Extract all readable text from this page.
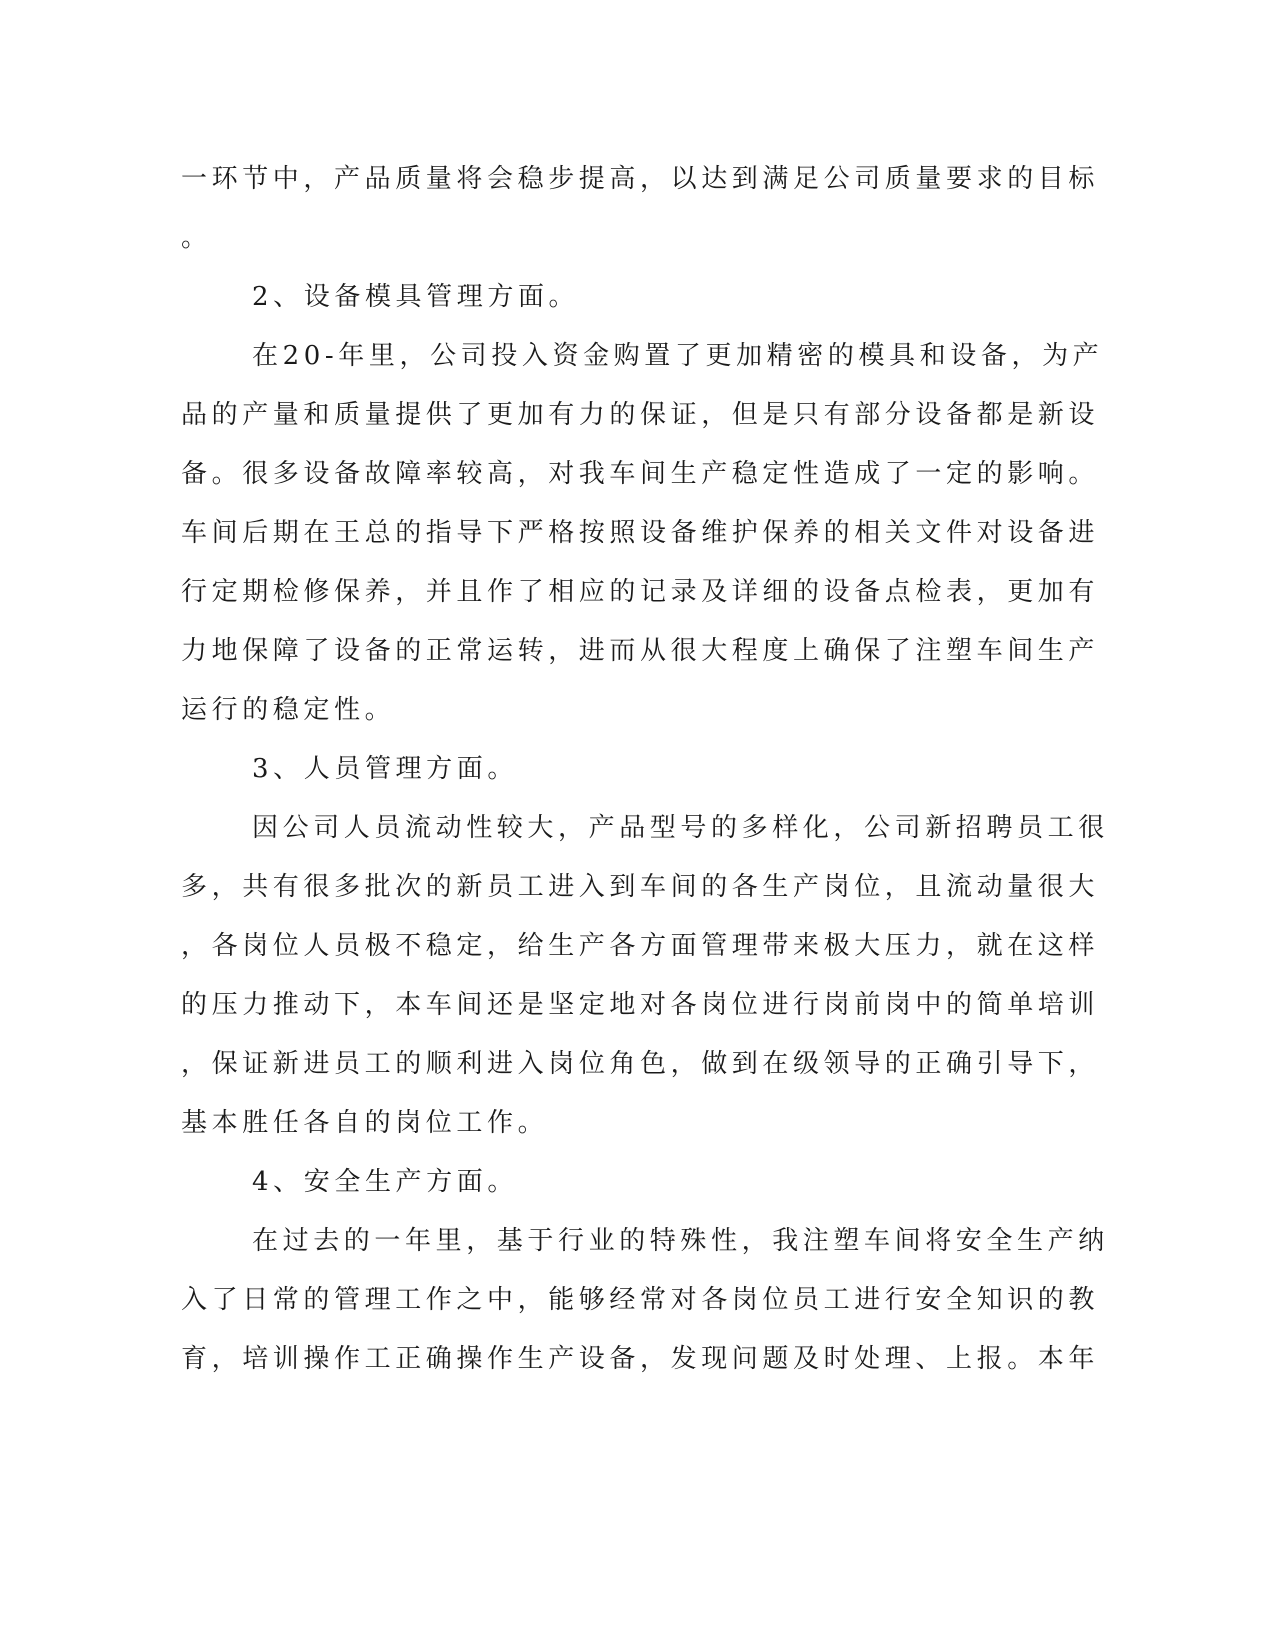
一环节中，产品质量将会稳步提高，以达到满足公司质量要求的目标
。
2、设备模具管理方面。
在20-年里，公司投入资金购置了更加精密的模具和设备，为产
品的产量和质量提供了更加有力的保证，但是只有部分设备都是新设
备。很多设备故障率较高，对我车间生产稳定性造成了一定的影响。
车间后期在王总的指导下严格按照设备维护保养的相关文件对设备进
行定期检修保养，并且作了相应的记录及详细的设备点检表，更加有
力地保障了设备的正常运转，进而从很大程度上确保了注塑车间生产
运行的稳定性。
3、人员管理方面。
因公司人员流动性较大，产品型号的多样化，公司新招聘员工很
多，共有很多批次的新员工进入到车间的各生产岗位，且流动量很大
，各岗位人员极不稳定，给生产各方面管理带来极大压力，就在这样
的压力推动下，本车间还是坚定地对各岗位进行岗前岗中的简单培训
，保证新进员工的顺利进入岗位角色，做到在级领导的正确引导下，
基本胜任各自的岗位工作。
4、安全生产方面。
在过去的一年里，基于行业的特殊性，我注塑车间将安全生产纳
入了日常的管理工作之中，能够经常对各岗位员工进行安全知识的教
育，培训操作工正确操作生产设备，发现问题及时处理、上报。本年
